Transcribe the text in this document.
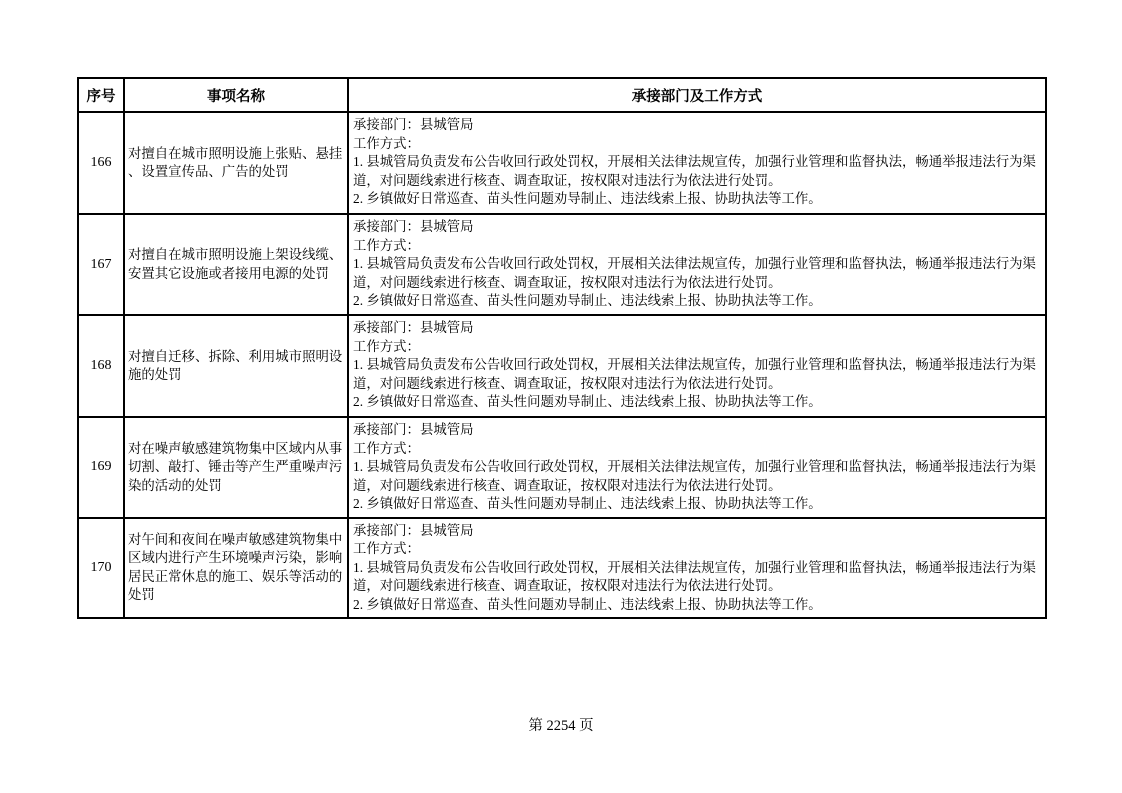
序号	事项名称	承接部门及工作方式
166	对擅自在城市照明设施上张贴、悬挂、设置宣传品、广告的处罚	承接部门：县城管局
工作方式：
1. 县城管局负责发布公告收回行政处罚权，开展相关法律法规宣传，加强行业管理和监督执法，畅通举报违法行为渠道，对问题线索进行核查、调查取证，按权限对违法行为依法进行处罚。
2. 乡镇做好日常巡查、苗头性问题劝导制止、违法线索上报、协助执法等工作。

167	对擅自在城市照明设施上架设线缆、安置其它设施或者接用电源的处罚	承接部门：县城管局
工作方式：
1. 县城管局负责发布公告收回行政处罚权，开展相关法律法规宣传，加强行业管理和监督执法，畅通举报违法行为渠道，对问题线索进行核查、调查取证，按权限对违法行为依法进行处罚。
2. 乡镇做好日常巡查、苗头性问题劝导制止、违法线索上报、协助执法等工作。

168	对擅自迁移、拆除、利用城市照明设施的处罚	承接部门：县城管局
工作方式：
1. 县城管局负责发布公告收回行政处罚权，开展相关法律法规宣传，加强行业管理和监督执法，畅通举报违法行为渠道，对问题线索进行核查、调查取证，按权限对违法行为依法进行处罚。
2. 乡镇做好日常巡查、苗头性问题劝导制止、违法线索上报、协助执法等工作。

169	对在噪声敏感建筑物集中区域内从事切割、敲打、锤击等产生严重噪声污染的活动的处罚	承接部门：县城管局
工作方式：
1. 县城管局负责发布公告收回行政处罚权，开展相关法律法规宣传，加强行业管理和监督执法，畅通举报违法行为渠道，对问题线索进行核查、调查取证，按权限对违法行为依法进行处罚。
2. 乡镇做好日常巡查、苗头性问题劝导制止、违法线索上报、协助执法等工作。

170	对午间和夜间在噪声敏感建筑物集中区域内进行产生环境噪声污染，影响居民正常休息的施工、娱乐等活动的处罚	承接部门：县城管局
工作方式：
1. 县城管局负责发布公告收回行政处罚权，开展相关法律法规宣传，加强行业管理和监督执法，畅通举报违法行为渠道，对问题线索进行核查、调查取证，按权限对违法行为依法进行处罚。
2. 乡镇做好日常巡查、苗头性问题劝导制止、违法线索上报、协助执法等工作。
第 2254 页
